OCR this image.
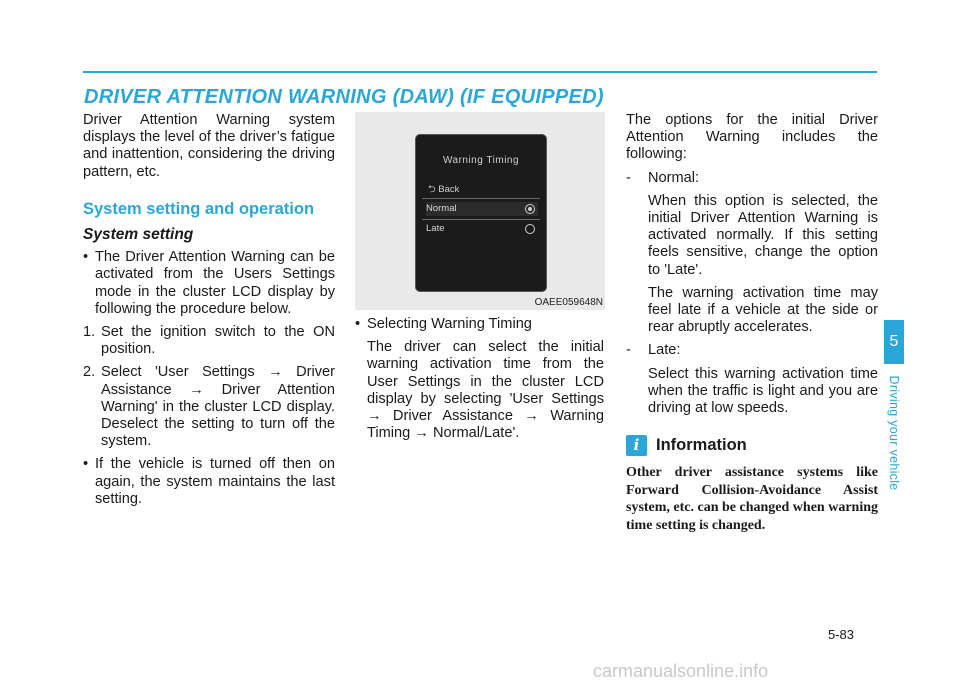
DRIVER ATTENTION WARNING (DAW) (IF EQUIPPED)

Driver Attention Warning system displays the level of the driver’s fatigue and inattention, considering the driving pattern, etc.

System setting and operation

System setting

• The Driver Attention Warning can be activated from the Users Settings mode in the cluster LCD display by following the procedure below.

1. Set the ignition switch to the ON position.

2. Select 'User Settings → Driver Assistance → Driver Attention Warning' in the cluster LCD display. Deselect the setting to turn off the system.

• If the vehicle is turned off then on again, the system maintains the last setting.

Warning Timing
⮌ Back
Normal
Late
OAEE059648N

• Selecting Warning Timing

The driver can select the initial warning activation time from the User Settings in the cluster LCD display by selecting 'User Settings → Driver Assistance → Warning Timing → Normal/Late'.

The options for the initial Driver Attention Warning includes the following:

- Normal:

When this option is selected, the initial Driver Attention Warning is activated normally. If this setting feels sensitive, change the option to 'Late'.

The warning activation time may feel late if a vehicle at the side or rear abruptly accelerates.

- Late:

Select this warning activation time when the traffic is light and you are driving at low speeds.

i	Information

Other driver assistance systems like Forward Collision-Avoidance Assist system, etc. can be changed when warning time setting is changed.

5
Driving your vehicle
5-83
carmanualsonline.info
